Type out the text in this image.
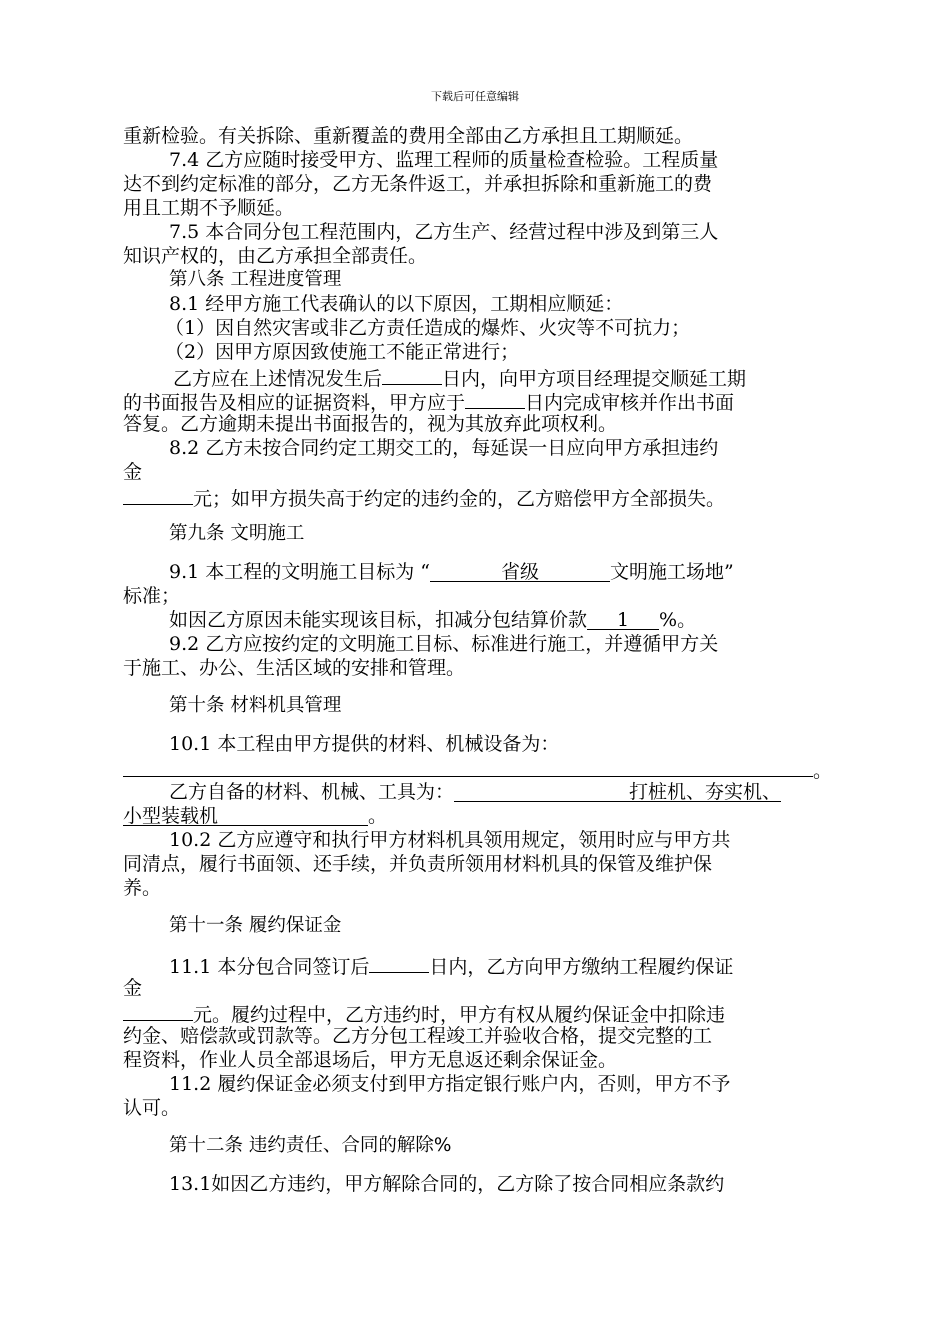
下载后可任意编辑
重新检验。有关拆除、重新覆盖的费用全部由乙方承担且工期顺延。
7.4 乙方应随时接受甲方、监理工程师的质量检查检验。工程质量
达不到约定标准的部分，乙方无条件返工，并承担拆除和重新施工的费
用且工期不予顺延。
7.5 本合同分包工程范围内，乙方生产、经营过程中涉及到第三人
知识产权的，由乙方承担全部责任。
第八条 工程进度管理
8.1 经甲方施工代表确认的以下原因，工期相应顺延：
（1）因自然灾害或非乙方责任造成的爆炸、火灾等不可抗力；
（2）因甲方原因致使施工不能正常进行；
乙方应在上述情况发生后	日内，向甲方项目经理提交顺延工期
的书面报告及相应的证据资料，甲方应于	日内完成审核并作出书面
答复。乙方逾期未提出书面报告的，视为其放弃此项权利。
8.2 乙方未按合同约定工期交工的，每延误一日应向甲方承担违约
金
元；如甲方损失高于约定的违约金的，乙方赔偿甲方全部损失。
第九条 文明施工
9.1 本工程的文明施工目标为 “	省级	文明施工场地”
标准；
如因乙方原因未能实现该目标，扣减分包结算价款 1 %。
9.2 乙方应按约定的文明施工目标、标准进行施工，并遵循甲方关
于施工、办公、生活区域的安排和管理。
第十条 材料机具管理
10.1 本工程由甲方提供的材料、机械设备为：
。
乙方自备的材料、机械、工具为：	打桩机、夯实机、
小型装载机	。
10.2 乙方应遵守和执行甲方材料机具领用规定，领用时应与甲方共
同清点，履行书面领、还手续，并负责所领用材料机具的保管及维护保
养。
第十一条 履约保证金
11.1 本分包合同签订后	日内，乙方向甲方缴纳工程履约保证
金
元。履约过程中，乙方违约时，甲方有权从履约保证金中扣除违
约金、赔偿款或罚款等。乙方分包工程竣工并验收合格，提交完整的工
程资料，作业人员全部退场后，甲方无息返还剩余保证金。
11.2 履约保证金必须支付到甲方指定银行账户内，否则，甲方不予
认可。
第十二条 违约责任、合同的解除%
13.1如因乙方违约，甲方解除合同的，乙方除了按合同相应条款约
